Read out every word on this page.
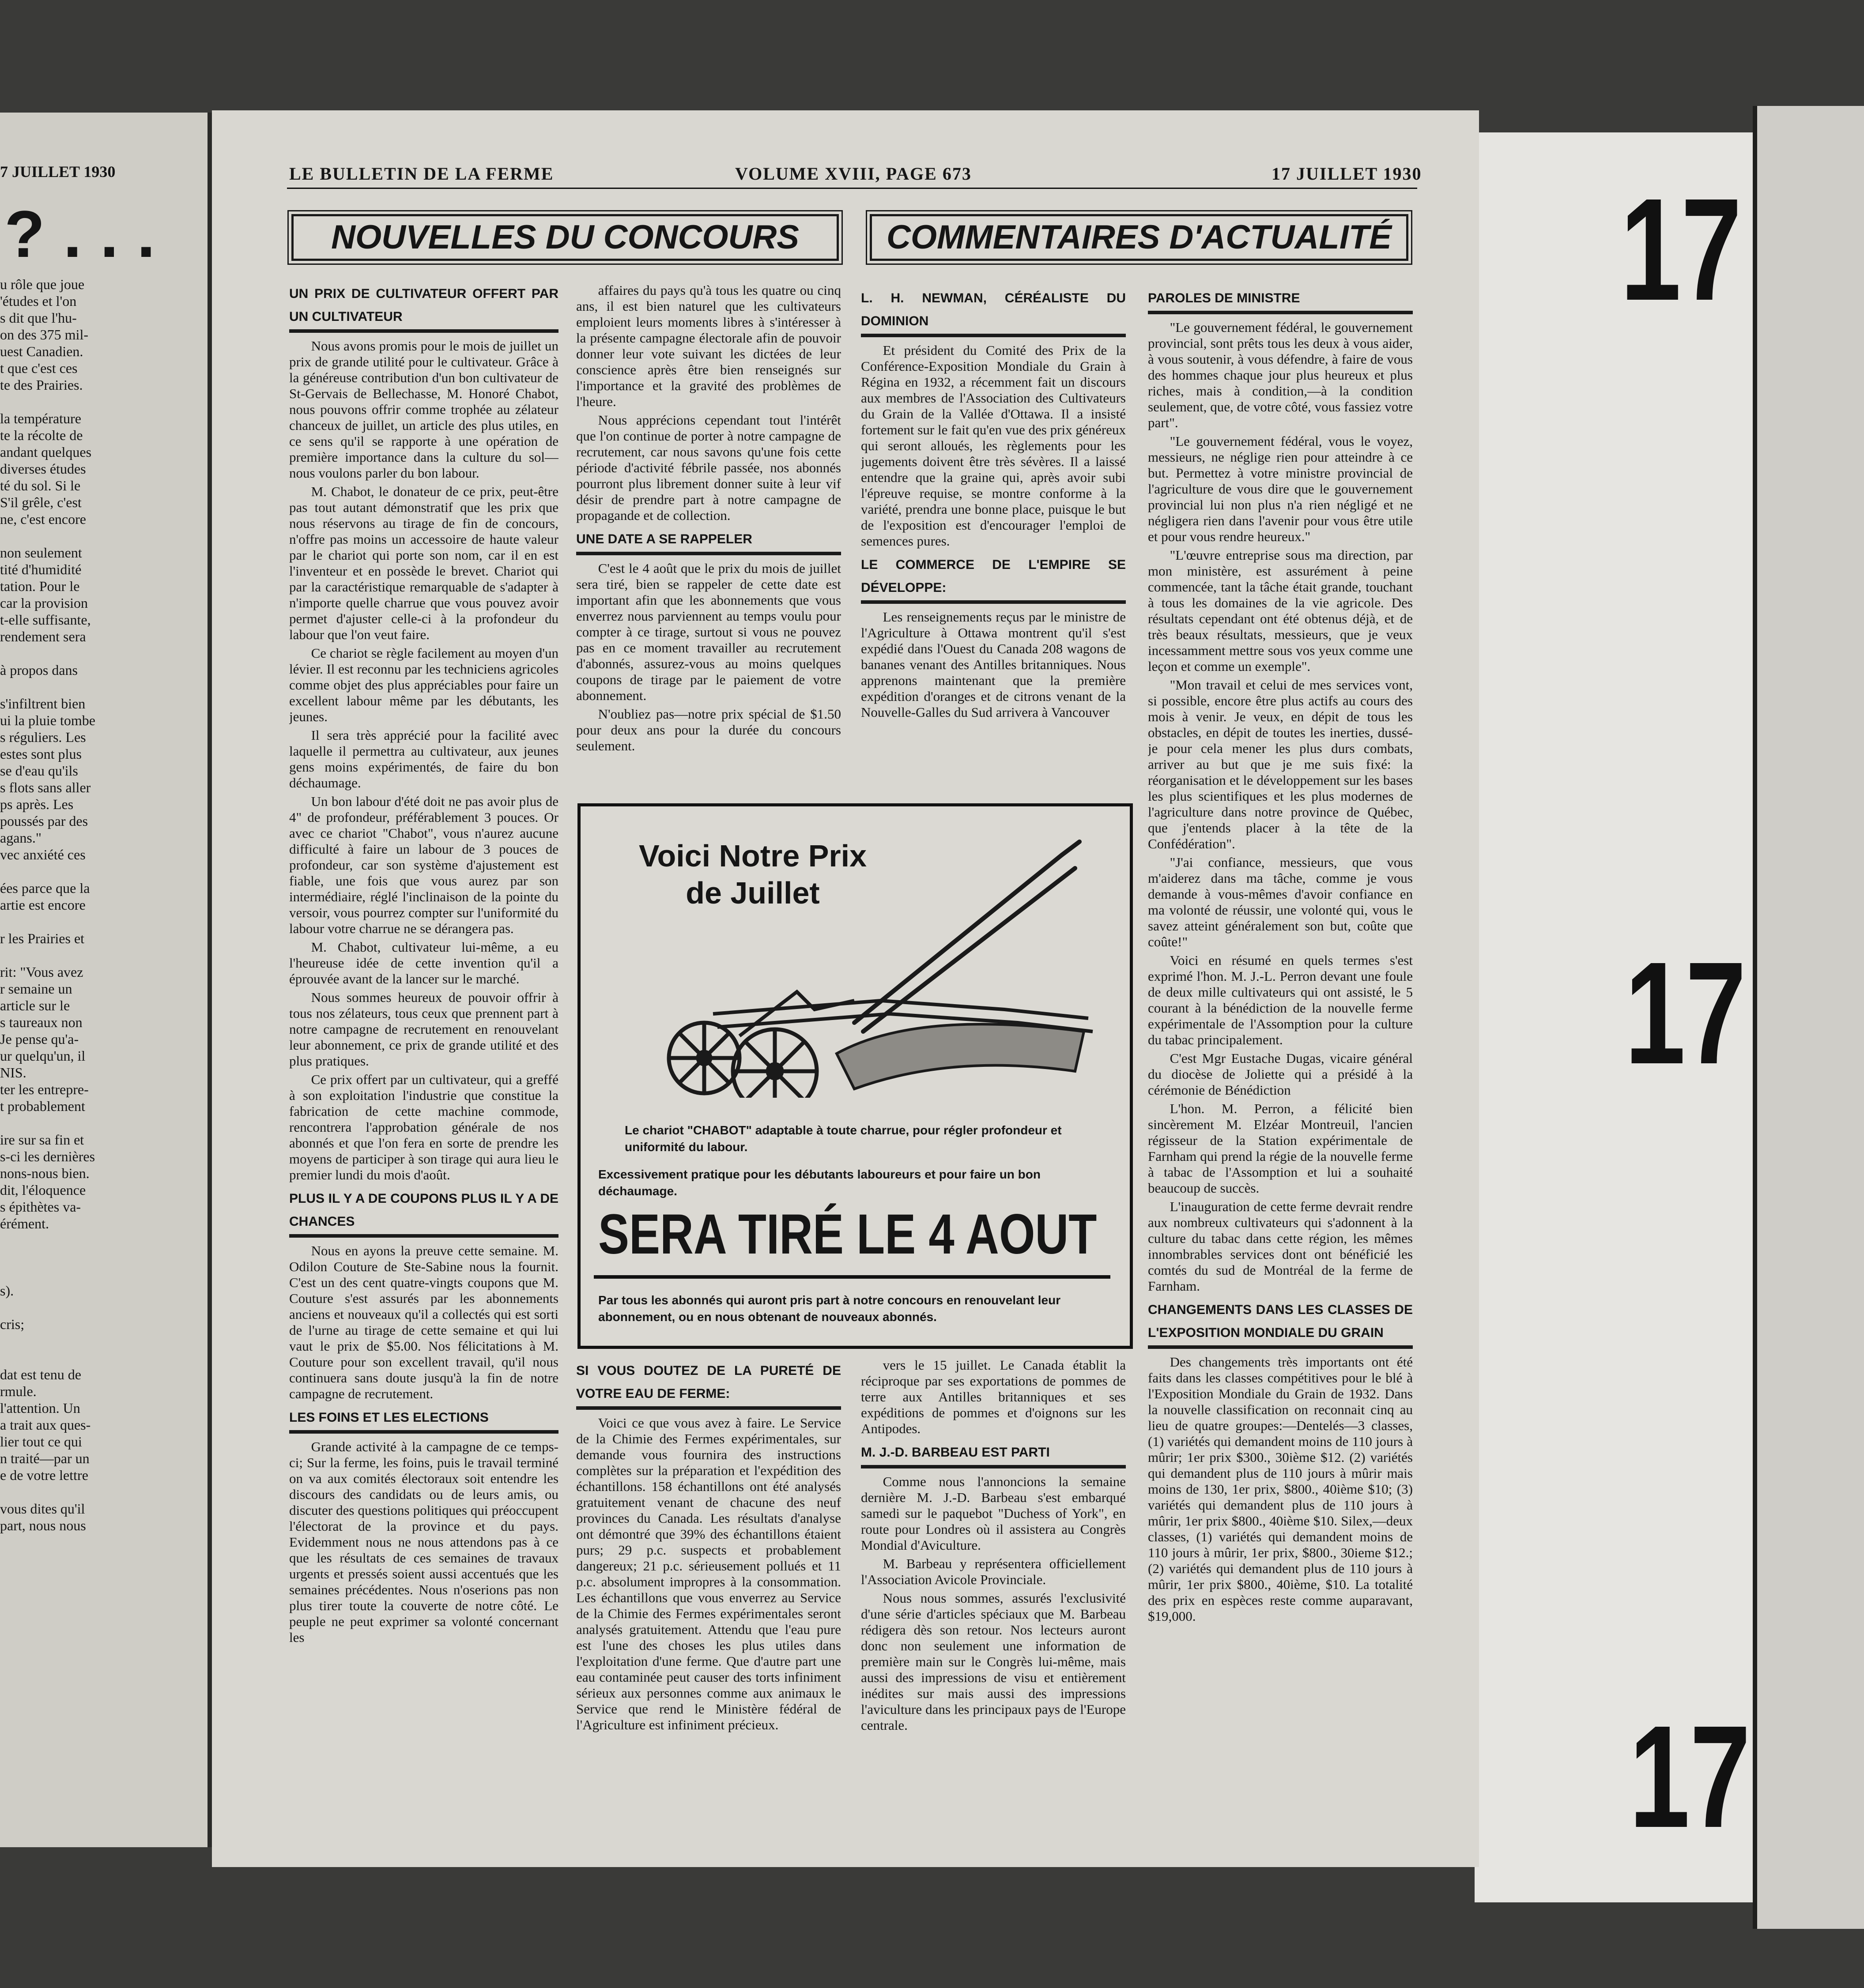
7 JUILLET 1930
? . . .
u rôle que joue
'études et l'on
s dit que l'hu-
on des 375 mil-
uest Canadien.
t que c'est ces
te des Prairies.
la température
te la récolte de
andant quelques
diverses études
té du sol. Si le
S'il grêle, c'est
ne, c'est encore
non seulement
tité d'humidité
tation. Pour le
car la provision
t-elle suffisante,
rendement sera
à propos dans
s'infiltrent bien
ui la pluie tombe
s réguliers. Les
estes sont plus
se d'eau qu'ils
s flots sans aller
ps après. Les
poussés par des
agans."
vec anxiété ces
ées parce que la
artie est encore
r les Prairies et
rit: "Vous avez
r semaine un
article sur le
s taureaux non
Je pense qu'a-
ur quelqu'un, il
NIS.
ter les entrepre-
t probablement
ire sur sa fin et
s-ci les dernières
nons-nous bien.
dit, l'éloquence
s épithètes va-
érément.
s).
cris;
dat est tenu de
rmule.
l'attention. Un
a trait aux ques-
lier tout ce qui
n traité—par un
e de votre lettre
vous dites qu'il
part, nous nous
17
17
17
LE BULLETIN DE LA FERME	VOLUME XVIII, PAGE 673	17 JUILLET 1930
NOUVELLES DU CONCOURS	COMMENTAIRES D'ACTUALITÉ
UN PRIX DE CULTIVATEUR OFFERT PAR UN CULTIVATEUR

Nous avons promis pour le mois de juillet un prix de grande utilité pour le cultivateur. Grâce à la généreuse contribution d'un bon cultivateur de St-Gervais de Bellechasse, M. Honoré Chabot, nous pouvons offrir comme trophée au zélateur chanceux de juillet, un article des plus utiles, en ce sens qu'il se rapporte à une opération de première importance dans la culture du sol—nous voulons parler du bon labour.

M. Chabot, le donateur de ce prix, peut-être pas tout autant démonstratif que les prix que nous réservons au tirage de fin de concours, n'offre pas moins un accessoire de haute valeur par le chariot qui porte son nom, car il en est l'inventeur et en possède le brevet. Chariot qui par la caractéristique remarquable de s'adapter à n'importe quelle charrue que vous pouvez avoir permet d'ajuster celle-ci à la profondeur du labour que l'on veut faire.

Ce chariot se règle facilement au moyen d'un lévier. Il est reconnu par les techniciens agricoles comme objet des plus appréciables pour faire un excellent labour même par les débutants, les jeunes.

Il sera très apprécié pour la facilité avec laquelle il permettra au cultivateur, aux jeunes gens moins expérimentés, de faire du bon déchaumage.

Un bon labour d'été doit ne pas avoir plus de 4" de profondeur, préférablement 3 pouces. Or avec ce chariot "Chabot", vous n'aurez aucune difficulté à faire un labour de 3 pouces de profondeur, car son système d'ajustement est fiable, une fois que vous aurez par son intermédiaire, réglé l'inclinaison de la pointe du versoir, vous pourrez compter sur l'uniformité du labour votre charrue ne se dérangera pas.

M. Chabot, cultivateur lui-même, a eu l'heureuse idée de cette invention qu'il a éprouvée avant de la lancer sur le marché.

Nous sommes heureux de pouvoir offrir à tous nos zélateurs, tous ceux que prennent part à notre campagne de recrutement en renouvelant leur abonnement, ce prix de grande utilité et des plus pratiques.

Ce prix offert par un cultivateur, qui a greffé à son exploitation l'industrie que constitue la fabrication de cette machine commode, rencontrera l'approbation générale de nos abonnés et que l'on fera en sorte de prendre les moyens de participer à son tirage qui aura lieu le premier lundi du mois d'août.

PLUS IL Y A DE COUPONS PLUS IL Y A DE CHANCES

Nous en ayons la preuve cette semaine. M. Odilon Couture de Ste-Sabine nous la fournit. C'est un des cent quatre-vingts coupons que M. Couture s'est assurés par les abonnements anciens et nouveaux qu'il a collectés qui est sorti de l'urne au tirage de cette semaine et qui lui vaut le prix de $5.00. Nos félicitations à M. Couture pour son excellent travail, qu'il nous continuera sans doute jusqu'à la fin de notre campagne de recrutement.

LES FOINS ET LES ELECTIONS

Grande activité à la campagne de ce temps-ci; Sur la ferme, les foins, puis le travail terminé on va aux comités électoraux soit entendre les discours des candidats ou de leurs amis, ou discuter des questions politiques qui préoccupent l'électorat de la province et du pays. Evidemment nous ne nous attendons pas à ce que les résultats de ces semaines de travaux urgents et pressés soient aussi accentués que les semaines précédentes. Nous n'oserions pas non plus tirer toute la couverte de notre côté. Le peuple ne peut exprimer sa volonté concernant les

affaires du pays qu'à tous les quatre ou cinq ans, il est bien naturel que les cultivateurs emploient leurs moments libres à s'intéresser à la présente campagne électorale afin de pouvoir donner leur vote suivant les dictées de leur conscience après être bien renseignés sur l'importance et la gravité des problèmes de l'heure.

Nous apprécions cependant tout l'intérêt que l'on continue de porter à notre campagne de recrutement, car nous savons qu'une fois cette période d'activité fébrile passée, nos abonnés pourront plus librement donner suite à leur vif désir de prendre part à notre campagne de propagande et de collection.

UNE DATE A SE RAPPELER

C'est le 4 août que le prix du mois de juillet sera tiré, bien se rappeler de cette date est important afin que les abonnements que vous enverrez nous parviennent au temps voulu pour compter à ce tirage, surtout si vous ne pouvez pas en ce moment travailler au recrutement d'abonnés, assurez-vous au moins quelques coupons de tirage par le paiement de votre abonnement.

N'oubliez pas—notre prix spécial de $1.50 pour deux ans pour la durée du concours seulement.

L. H. NEWMAN, CÉRÉALISTE DU DOMINION

Et président du Comité des Prix de la Conférence-Exposition Mondiale du Grain à Régina en 1932, a récemment fait un discours aux membres de l'Association des Cultivateurs du Grain de la Vallée d'Ottawa. Il a insisté fortement sur le fait qu'en vue des prix généreux qui seront alloués, les règlements pour les jugements doivent être très sévères. Il a laissé entendre que la graine qui, après avoir subi l'épreuve requise, se montre conforme à la variété, prendra une bonne place, puisque le but de l'exposition est d'encourager l'emploi de semences pures.

LE COMMERCE DE L'EMPIRE SE DÉVELOPPE:

Les renseignements reçus par le ministre de l'Agriculture à Ottawa montrent qu'il s'est expédié dans l'Ouest du Canada 208 wagons de bananes venant des Antilles britanniques. Nous apprenons maintenant que la première expédition d'oranges et de citrons venant de la Nouvelle-Galles du Sud arrivera à Vancouver

Voici Notre Prix de Juillet
Le chariot "CHABOT" adaptable à toute charrue, pour régler profondeur et uniformité du labour.
Excessivement pratique pour les débutants laboureurs et pour faire un bon déchaumage.
SERA TIRÉ LE 4 AOUT
Par tous les abonnés qui auront pris part à notre concours en renouvelant leur abonnement, ou en nous obtenant de nouveaux abonnés.
SI VOUS DOUTEZ DE LA PURETÉ DE VOTRE EAU DE FERME:

Voici ce que vous avez à faire. Le Service de la Chimie des Fermes expérimentales, sur demande vous fournira des instructions complètes sur la préparation et l'expédition des échantillons. 158 échantillons ont été analysés gratuitement venant de chacune des neuf provinces du Canada. Les résultats d'analyse ont démontré que 39% des échantillons étaient purs; 29 p.c. suspects et probablement dangereux; 21 p.c. sérieusement pollués et 11 p.c. absolument impropres à la consommation. Les échantillons que vous enverrez au Service de la Chimie des Fermes expérimentales seront analysés gratuitement. Attendu que l'eau pure est l'une des choses les plus utiles dans l'exploitation d'une ferme. Que d'autre part une eau contaminée peut causer des torts infiniment sérieux aux personnes comme aux animaux le Service que rend le Ministère fédéral de l'Agriculture est infiniment précieux.

vers le 15 juillet. Le Canada établit la réciproque par ses exportations de pommes de terre aux Antilles britanniques et ses expéditions de pommes et d'oignons sur les Antipodes.

M. J.-D. BARBEAU EST PARTI

Comme nous l'annoncions la semaine dernière M. J.-D. Barbeau s'est embarqué samedi sur le paquebot "Duchess of York", en route pour Londres où il assistera au Congrès Mondial d'Aviculture.

M. Barbeau y représentera officiellement l'Association Avicole Provinciale.

Nous nous sommes, assurés l'exclusivité d'une série d'articles spéciaux que M. Barbeau rédigera dès son retour. Nos lecteurs auront donc non seulement une information de première main sur le Congrès lui-même, mais aussi des impressions de visu et entièrement inédites sur mais aussi des impressions l'aviculture dans les principaux pays de l'Europe centrale.

PAROLES DE MINISTRE

"Le gouvernement fédéral, le gouvernement provincial, sont prêts tous les deux à vous aider, à vous soutenir, à vous défendre, à faire de vous des hommes chaque jour plus heureux et plus riches, mais à condition,—à la condition seulement, que, de votre côté, vous fassiez votre part".

"Le gouvernement fédéral, vous le voyez, messieurs, ne néglige rien pour atteindre à ce but. Permettez à votre ministre provincial de l'agriculture de vous dire que le gouvernement provincial lui non plus n'a rien négligé et ne négligera rien dans l'avenir pour vous être utile et pour vous rendre heureux."

"L'œuvre entreprise sous ma direction, par mon ministère, est assurément à peine commencée, tant la tâche était grande, touchant à tous les domaines de la vie agricole. Des résultats cependant ont été obtenus déjà, et de très beaux résultats, messieurs, que je veux incessamment mettre sous vos yeux comme une leçon et comme un exemple".

"Mon travail et celui de mes services vont, si possible, encore être plus actifs au cours des mois à venir. Je veux, en dépit de tous les obstacles, en dépit de toutes les inerties, dussé-je pour cela mener les plus durs combats, arriver au but que je me suis fixé: la réorganisation et le développement sur les bases les plus scientifiques et les plus modernes de l'agriculture dans notre province de Québec, que j'entends placer à la tête de la Confédération".

"J'ai confiance, messieurs, que vous m'aiderez dans ma tâche, comme je vous demande à vous-mêmes d'avoir confiance en ma volonté de réussir, une volonté qui, vous le savez atteint généralement son but, coûte que coûte!"

Voici en résumé en quels termes s'est exprimé l'hon. M. J.-L. Perron devant une foule de deux mille cultivateurs qui ont assisté, le 5 courant à la bénédiction de la nouvelle ferme expérimentale de l'Assomption pour la culture du tabac principalement.

C'est Mgr Eustache Dugas, vicaire général du diocèse de Joliette qui a présidé à la cérémonie de Bénédiction

L'hon. M. Perron, a félicité bien sincèrement M. Elzéar Montreuil, l'ancien régisseur de la Station expérimentale de Farnham qui prend la régie de la nouvelle ferme à tabac de l'Assomption et lui a souhaité beaucoup de succès.

L'inauguration de cette ferme devrait rendre aux nombreux cultivateurs qui s'adonnent à la culture du tabac dans cette région, les mêmes innombrables services dont ont bénéficié les comtés du sud de Montréal de la ferme de Farnham.

CHANGEMENTS DANS LES CLASSES DE L'EXPOSITION MONDIALE DU GRAIN

Des changements très importants ont été faits dans les classes compétitives pour le blé à l'Exposition Mondiale du Grain de 1932. Dans la nouvelle classification on reconnait cinq au lieu de quatre groupes:—Dentelés—3 classes, (1) variétés qui demandent moins de 110 jours à mûrir; 1er prix $300., 30ième $12. (2) variétés qui demandent plus de 110 jours à mûrir mais moins de 130, 1er prix, $800., 40ième $10; (3) variétés qui demandent plus de 110 jours à mûrir, 1er prix $800., 40ième $10. Silex,—deux classes, (1) variétés qui demandent moins de 110 jours à mûrir, 1er prix, $800., 30ieme $12.; (2) variétés qui demandent plus de 110 jours à mûrir, 1er prix $800., 40ième, $10. La totalité des prix en espèces reste comme auparavant, $19,000.
